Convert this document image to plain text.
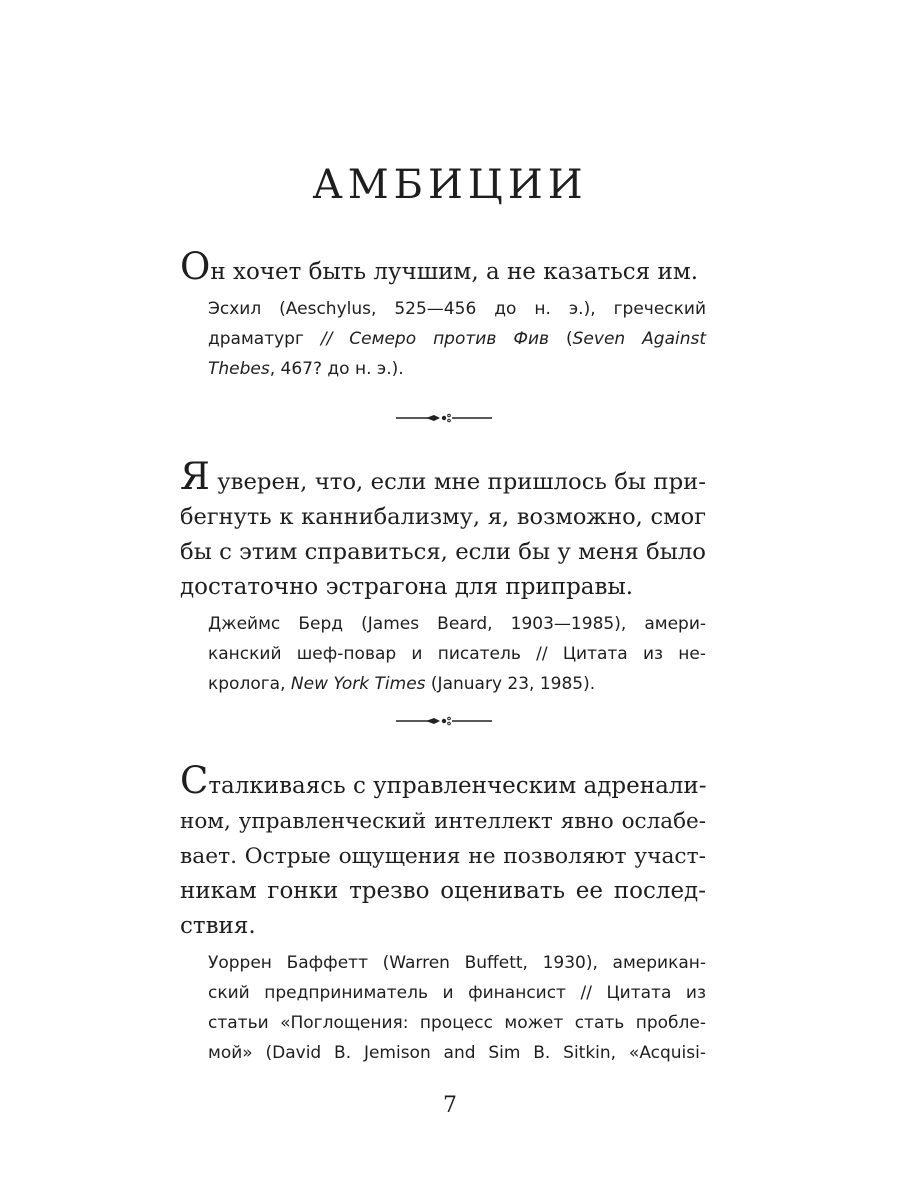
АМБИЦИИ

Он хочет быть лучшим, а не казаться им.

Эсхил (Aeschylus, 525—456 до н. э.), греческий
драматург // Семеро против Фив (Seven Against
Thebes, 467? до н. э.).

Я уверен, что, если мне пришлось бы при-
бегнуть к каннибализму, я, возможно, смог
бы с этим справиться, если бы у меня было
достаточно эстрагона для приправы.

Джеймс Берд (James Beard, 1903—1985), амери-
канский шеф-повар и писатель // Цитата из не-
кролога, New York Times (January 23, 1985).

Сталкиваясь с управленческим адренали-
ном, управленческий интеллект явно ослабе-
вает. Острые ощущения не позволяют участ-
никам гонки трезво оценивать ее послед-
ствия.

Уоррен Баффетт (Warren Buffett, 1930), американ-
ский предприниматель и финансист // Цитата из
статьи «Поглощения: процесс может стать пробле-
мой» (David B. Jemison and Sim B. Sitkin, «Acquisi-
7
